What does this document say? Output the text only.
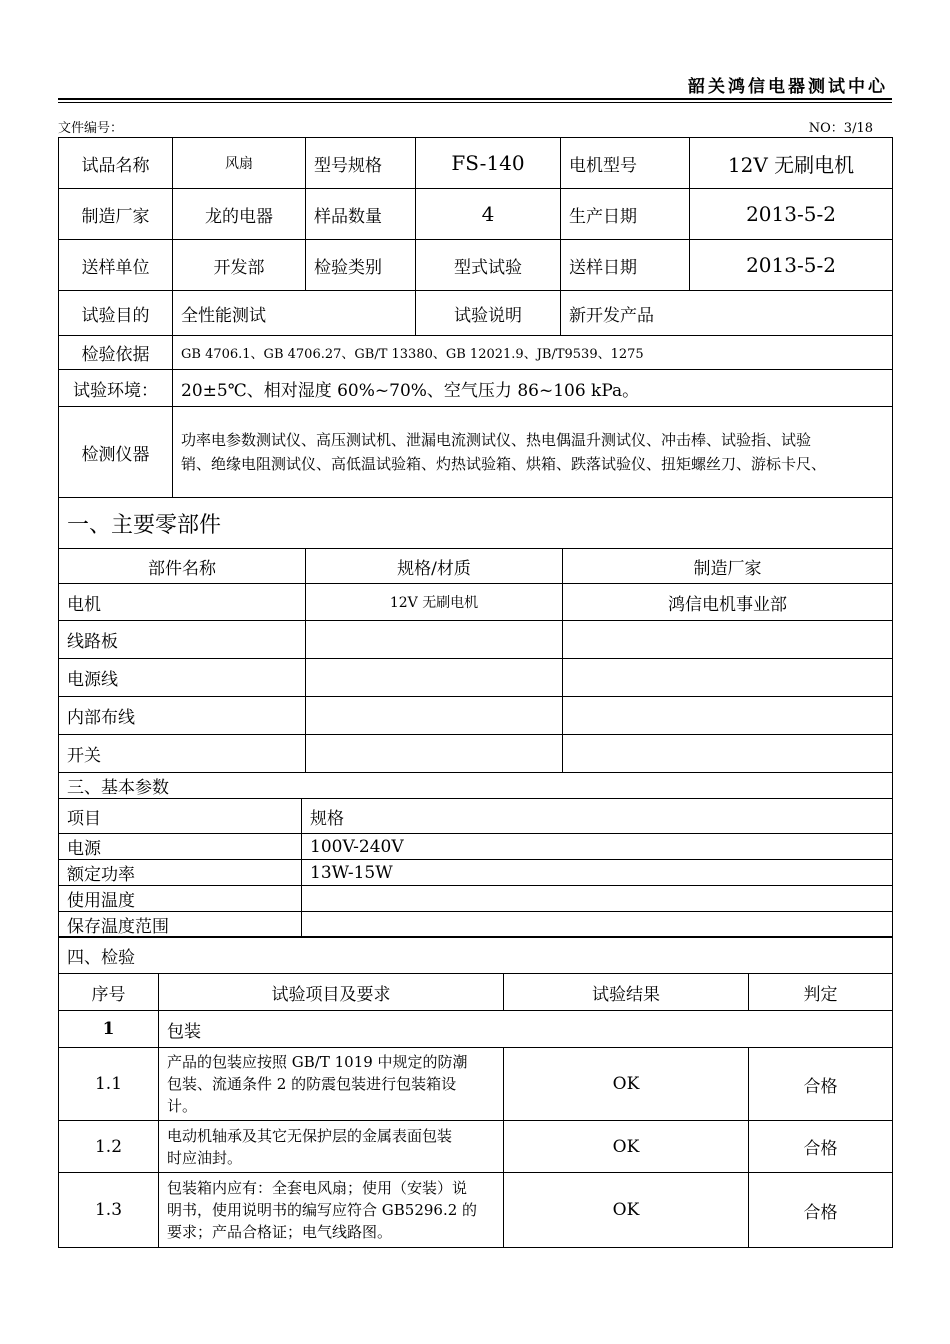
韶关鸿信电器测试中心
文件编号：	NO：3/18
试品名称	风扇	型号规格	FS-140	电机型号	12V 无刷电机
制造厂家	龙的电器	样品数量	4	生产日期	2013-5-2
送样单位	开发部	检验类别	型式试验	送样日期	2013-5-2
试验目的	全性能测试		试验说明	新开发产品	
检验依据	GB 4706.1、GB 4706.27、GB/T 13380、GB 12021.9、JB/T9539、1275				
试验环境：	20±5℃、相对湿度 60%~70%、空气压力 86~106 kPa。				
检测仪器	功率电参数测试仪、高压测试机、泄漏电流测试仪、热电偶温升测试仪、冲击棒、试验指、试验
销、绝缘电阻测试仪、高低温试验箱、灼热试验箱、烘箱、跌落试验仪、扭矩螺丝刀、游标卡尺、				
一、主要零部件		
部件名称	规格/材质	制造厂家
电机	12V 无刷电机	鸿信电机事业部
线路板		
电源线		
内部布线		
开关		
三、基本参数	
项目	规格
电源	100V-240V
额定功率	13W-15W
使用温度	
保存温度范围	
四、检验			
序号	试验项目及要求	试验结果	判定
1	包装		
1.1	产品的包装应按照 GB/T 1019 中规定的防潮
包装、流通条件 2 的防震包装进行包装箱设
计。	OK	合格
1.2	电动机轴承及其它无保护层的金属表面包装
时应油封。	OK	合格
1.3	包装箱内应有：全套电风扇；使用（安装）说
明书，使用说明书的编写应符合 GB5296.2 的
要求；产品合格证；电气线路图。	OK	合格
